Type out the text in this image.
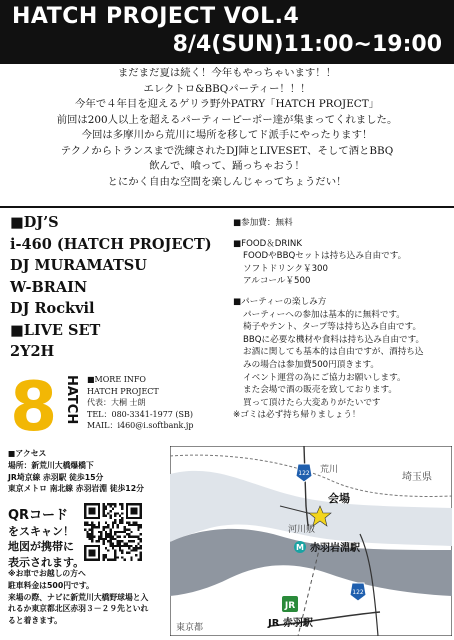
HATCH PROJECT VOL.4
8/4(SUN)11:00~19:00
まだまだ夏は続く！今年もやっちゃいます！！
エレクトロ&BBQパーティー！！！
今年で４年目を迎えるゲリラ野外PATRY「HATCH PROJECT」
前回は200人以上を超えるパーティーピーポー達が集まってくれました。
今回は多摩川から荒川に場所を移してド派手にやったります！
テクノからトランスまで洗練されたDJ陣とLIVESET、そして酒とBBQ
飲んで、喰って、踊っちゃおう！
とにかく自由な空間を楽しんじゃってちょうだい！
■DJ’S
i-460 (HATCH PROJECT)
DJ MURAMATSU
W-BRAIN
DJ Rockvil
■LIVE SET
2Y2H
■参加費：無料
■FOOD＆DRINK
FOODやBBQセットは持ち込み自由です。
ソフトドリンク￥300
アルコール￥500
■パーティーの楽しみ方
パーティーへの参加は基本的に無料です。
椅子やテント、タープ等は持ち込み自由です。
BBQに必要な機材や食料は持ち込み自由です。
お酒に関しても基本的は自由ですが、酒持ち込
みの場合は参加費500円頂きます。
イベント運営の為にご協力お願いします。
また会場で酒の販売を致しております。
買って頂けたら大変ありがたいです
※ゴミは必ず持ち帰りましょう！
8 HATCH ■MORE INFO
HATCH PROJECT
代表：大桐 士朗
TEL：080-3341-1977 (SB)
MAIL：i460@i.softbank.jp
■アクセス
場所：新荒川大橋爆橋下
JR埼京線 赤羽駅 徒歩15分
東京メトロ 南北線 赤羽岩淵 徒歩12分
QRコード
をスキャン！
地図が携帯に
表示されます。
※お車でお越しの方へ
駐車料金は500円です。
来場の際、ナビに新荒川大橋野球場と入
れるか東京都北区赤羽３－２９先といれ
ると着きます。
荒川
河川敷
埼玉県
東京都
122
122
会場
M 赤羽岩淵駅
JR
JR 赤羽駅
